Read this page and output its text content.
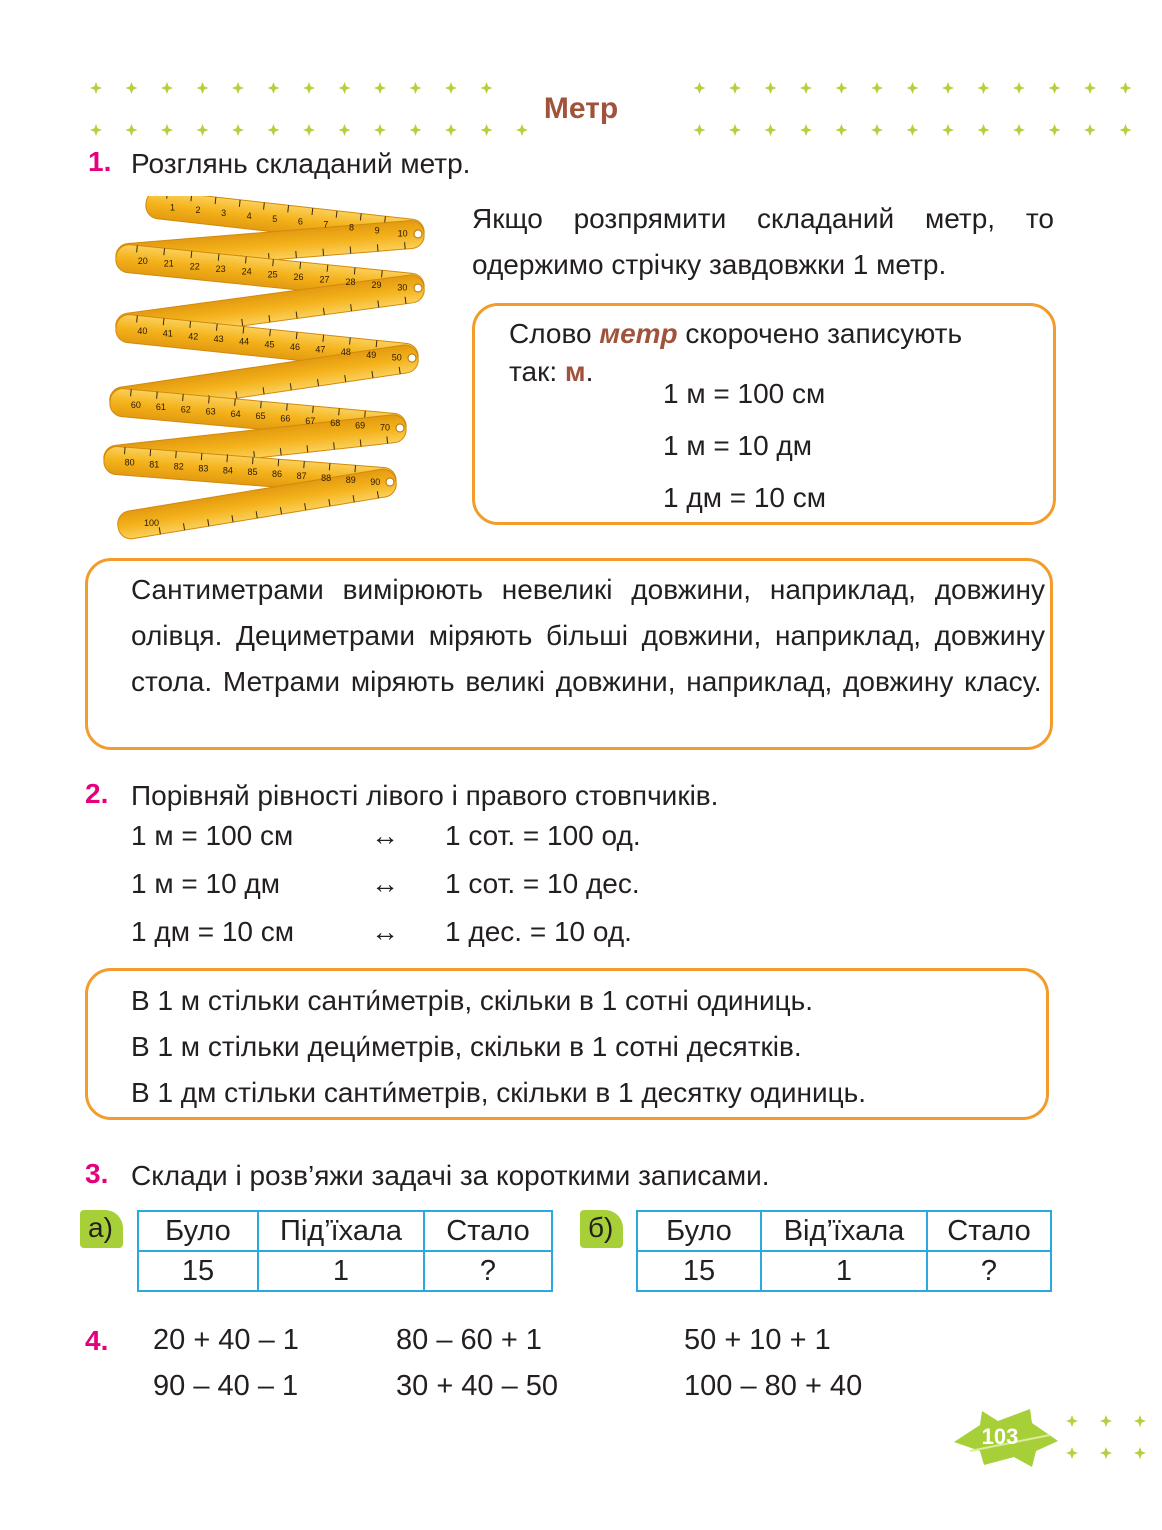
Метр
1. Розглянь складаний метр.
1 2 3 4 5 6 7 8 9 10
20 21 22 23 24 25 26 27 28 29 30
40 41 42 43 44 45 46 47 48 49 50
60 61 62 63 64 65 66 67 68 69 70
80 81 82 83 84 85 86 87 88 89 90
100
Якщо розпрямити складаний метр, то одержимо стрічку завдовжки 1 метр.
Слово метр скорочено записують
так: м.
1 м = 100 см
1 м = 10 дм
1 дм = 10 см
Сантиметрами вимірюють невеликі довжини, наприклад, довжину олівця. Дециметрами міряють більші довжини, наприклад, довжину стола. Метрами міряють великі довжини, наприклад, довжину класу.
2. Порівняй рівності лівого і правого стовпчиків.
1 м = 100 см	↔ 1 сот. = 100 од.
1 м = 10 дм	↔ 1 сот. = 10 дес.
1 дм = 10 см	↔ 1 дес. = 10 од.
В 1 м стільки санти́метрів, скільки в 1 сотні одиниць.
В 1 м стільки деци́метрів, скільки в 1 сотні десятків.
В 1 дм стільки санти́метрів, скільки в 1 десятку одиниць.
3. Склади і розв’яжи задачі за короткими записами.
а)	Було	Під’їхала	Стало
15	1	?
б)	Було	Від’їхала	Стало
15	1	?
4. 20 + 40 – 1	80 – 60 + 1	50 + 10 + 1
90 – 40 – 1	30 + 40 – 50	100 – 80 + 40
103
